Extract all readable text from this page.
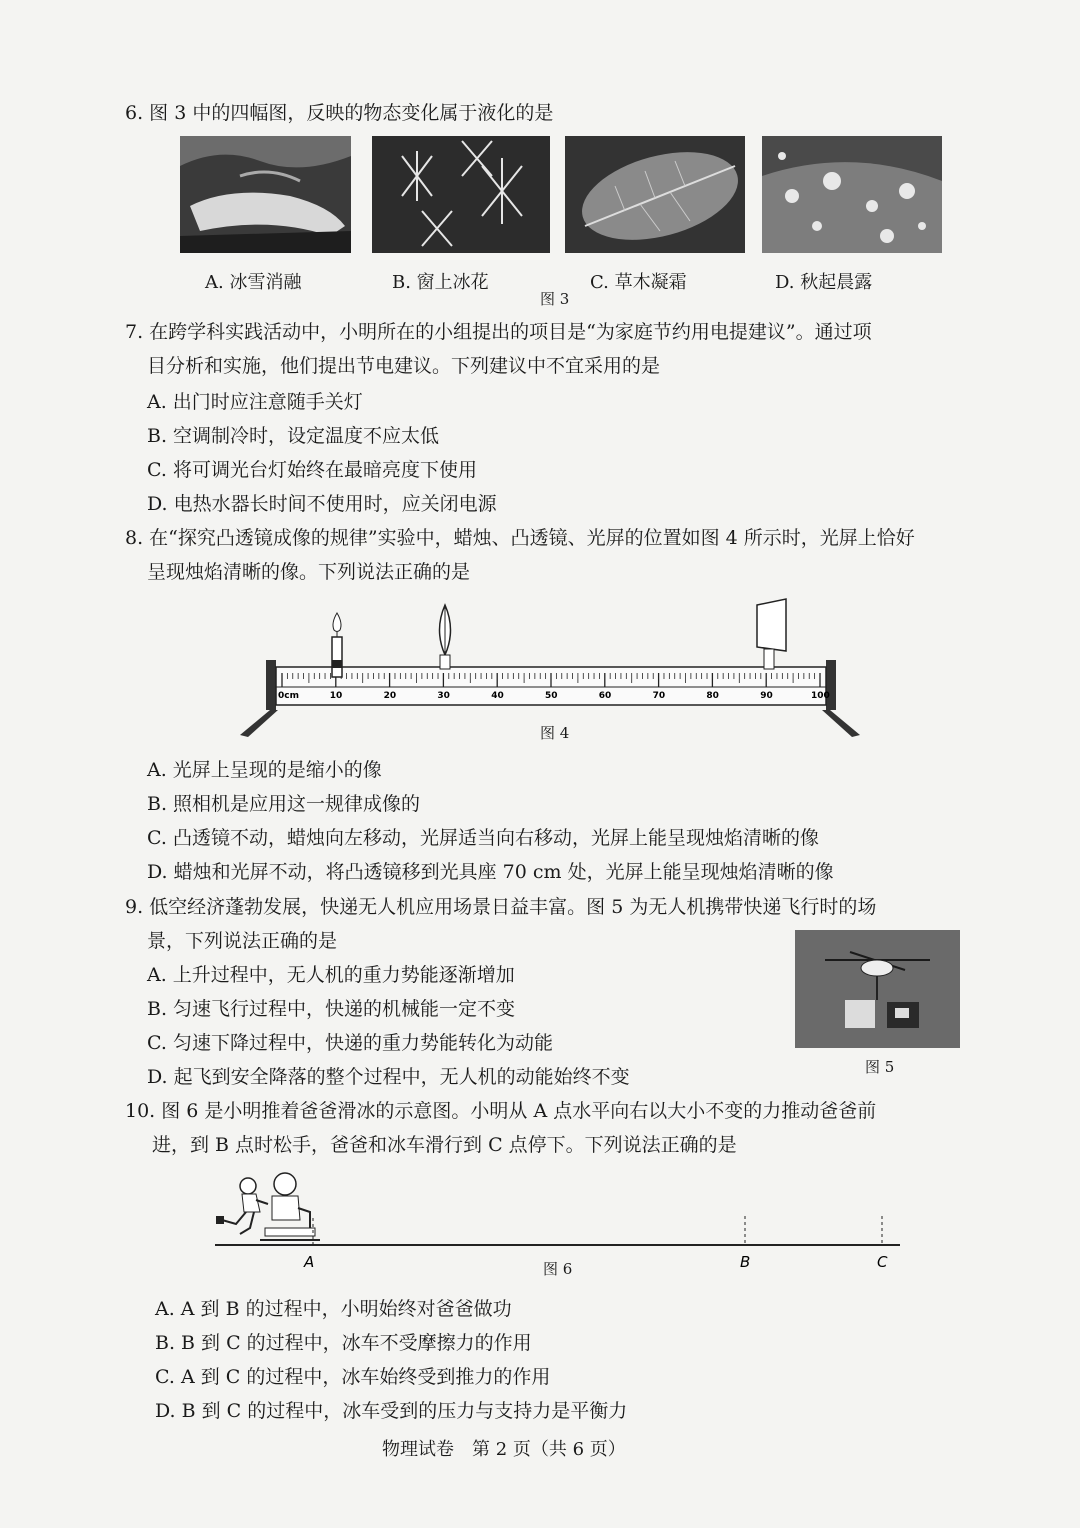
6. 图 3 中的四幅图，反映的物态变化属于液化的是
A. 冰雪消融	B. 窗上冰花
图 3
C. 草木凝霜	D. 秋起晨露
7. 在跨学科实践活动中，小明所在的小组提出的项目是“为家庭节约用电提建议”。通过项
目分析和实施，他们提出节电建议。下列建议中不宜采用的是
A. 出门时应注意随手关灯
B. 空调制冷时，设定温度不应太低
C. 将可调光台灯始终在最暗亮度下使用
D. 电热水器长时间不使用时，应关闭电源
8. 在“探究凸透镜成像的规律”实验中，蜡烛、凸透镜、光屏的位置如图 4 所示时，光屏上恰好
呈现烛焰清晰的像。下列说法正确的是
10	20	30	40	50	60	70	80	90	100
0cm
图 4
A. 光屏上呈现的是缩小的像
B. 照相机是应用这一规律成像的
C. 凸透镜不动，蜡烛向左移动，光屏适当向右移动，光屏上能呈现烛焰清晰的像
D. 蜡烛和光屏不动，将凸透镜移到光具座 70 cm 处，光屏上能呈现烛焰清晰的像
9. 低空经济蓬勃发展，快递无人机应用场景日益丰富。图 5 为无人机携带快递飞行时的场
景，下列说法正确的是
A. 上升过程中，无人机的重力势能逐渐增加
B. 匀速飞行过程中，快递的机械能一定不变
C. 匀速下降过程中，快递的重力势能转化为动能
D. 起飞到安全降落的整个过程中，无人机的动能始终不变	图 5
10. 图 6 是小明推着爸爸滑冰的示意图。小明从 A 点水平向右以大小不变的力推动爸爸前
进，到 B 点时松手，爸爸和冰车滑行到 C 点停下。下列说法正确的是
A	B	C
图 6
A. A 到 B 的过程中，小明始终对爸爸做功
B. B 到 C 的过程中，冰车不受摩擦力的作用
C. A 到 C 的过程中，冰车始终受到推力的作用
D. B 到 C 的过程中，冰车受到的压力与支持力是平衡力
物理试卷　第 2 页（共 6 页）
